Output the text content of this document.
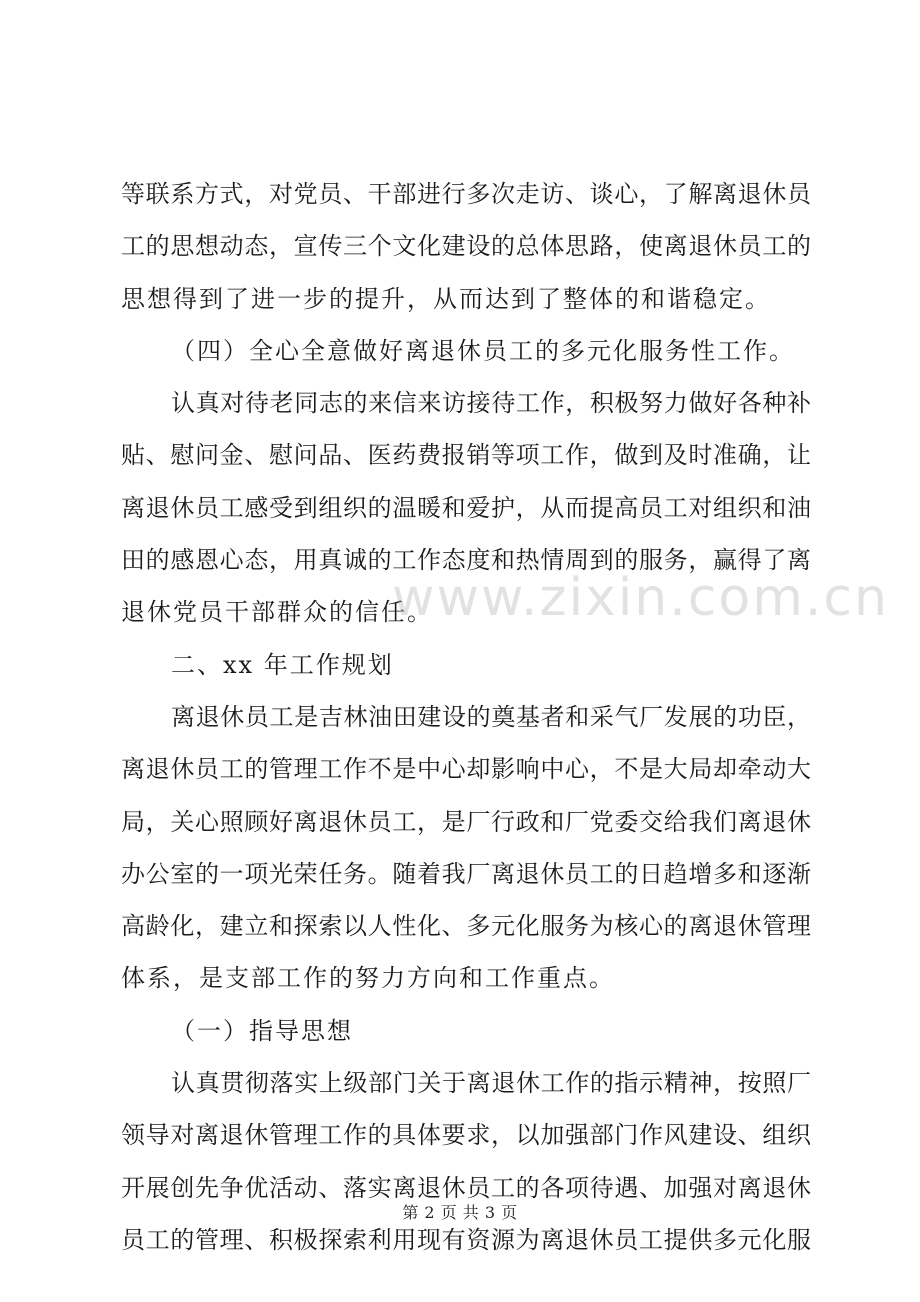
等联系方式，对党员、干部进行多次走访、谈心，了解离退休员
工的思想动态，宣传三个文化建设的总体思路，使离退休员工的
思想得到了进一步的提升，从而达到了整体的和谐稳定。
（四）全心全意做好离退休员工的多元化服务性工作。
认真对待老同志的来信来访接待工作，积极努力做好各种补
贴、慰问金、慰问品、医药费报销等项工作，做到及时准确，让
离退休员工感受到组织的温暖和爱护，从而提高员工对组织和油
田的感恩心态，用真诚的工作态度和热情周到的服务，赢得了离
退休党员干部群众的信任。
二、xx 年工作规划
离退休员工是吉林油田建设的奠基者和采气厂发展的功臣，
离退休员工的管理工作不是中心却影响中心，不是大局却牵动大
局，关心照顾好离退休员工，是厂行政和厂党委交给我们离退休
办公室的一项光荣任务。随着我厂离退休员工的日趋增多和逐渐
高龄化，建立和探索以人性化、多元化服务为核心的离退休管理
体系，是支部工作的努力方向和工作重点。
（一）指导思想
认真贯彻落实上级部门关于离退休工作的指示精神，按照厂
领导对离退休管理工作的具体要求，以加强部门作风建设、组织
开展创先争优活动、落实离退休员工的各项待遇、加强对离退休
员工的管理、积极探索利用现有资源为离退休员工提供多元化服
www.zixin.com.cn
第 2 页 共 3 页
